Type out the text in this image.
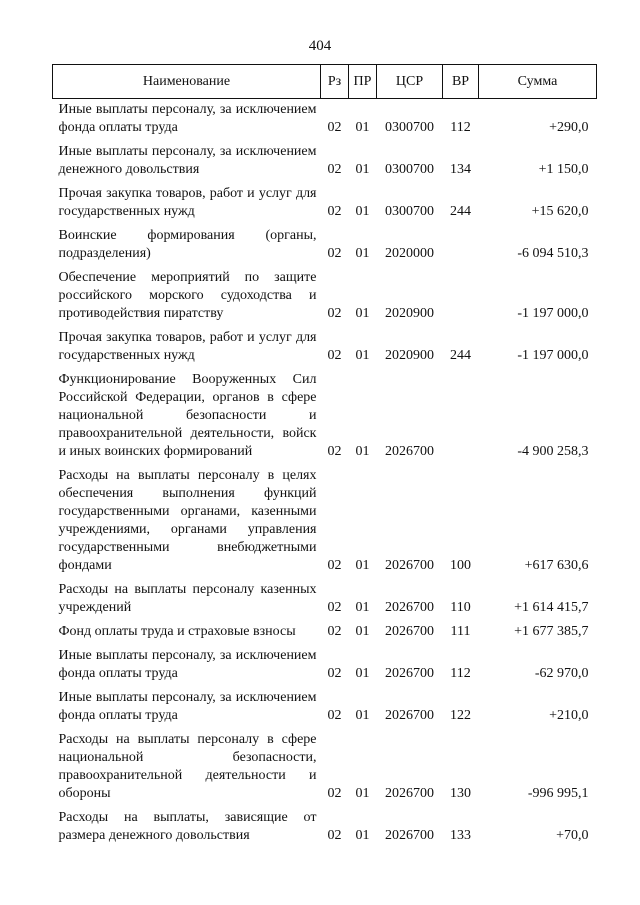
404
Наименование	Рз	ПР	ЦСР	ВР	Сумма
Иные выплаты персоналу, за исключением фонда оплаты труда	02	01	0300700	112	+290,0
Иные выплаты персоналу, за исключением денежного довольствия	02	01	0300700	134	+1 150,0
Прочая закупка товаров, работ и услуг для государственных нужд	02	01	0300700	244	+15 620,0
Воинские формирования (органы, подразделения)	02	01	2020000		-6 094 510,3
Обеспечение мероприятий по защите российского морского судоходства и противодействия пиратству	02	01	2020900		-1 197 000,0
Прочая закупка товаров, работ и услуг для государственных нужд	02	01	2020900	244	-1 197 000,0
Функционирование Вооруженных Сил Российской Федерации, органов в сфере национальной безопасности и правоохранительной деятельности, войск и иных воинских формирований	02	01	2026700		-4 900 258,3
Расходы на выплаты персоналу в целях обеспечения выполнения функций государственными органами, казенными учреждениями, органами управления государственными внебюджетными фондами	02	01	2026700	100	+617 630,6
Расходы на выплаты персоналу казенных учреждений	02	01	2026700	110	+1 614 415,7
Фонд оплаты труда и страховые взносы	02	01	2026700	111	+1 677 385,7
Иные выплаты персоналу, за исключением фонда оплаты труда	02	01	2026700	112	-62 970,0
Иные выплаты персоналу, за исключением фонда оплаты труда	02	01	2026700	122	+210,0
Расходы на выплаты персоналу в сфере национальной безопасности, правоохранительной деятельности и обороны	02	01	2026700	130	-996 995,1
Расходы на выплаты, зависящие от размера денежного довольствия	02	01	2026700	133	+70,0
